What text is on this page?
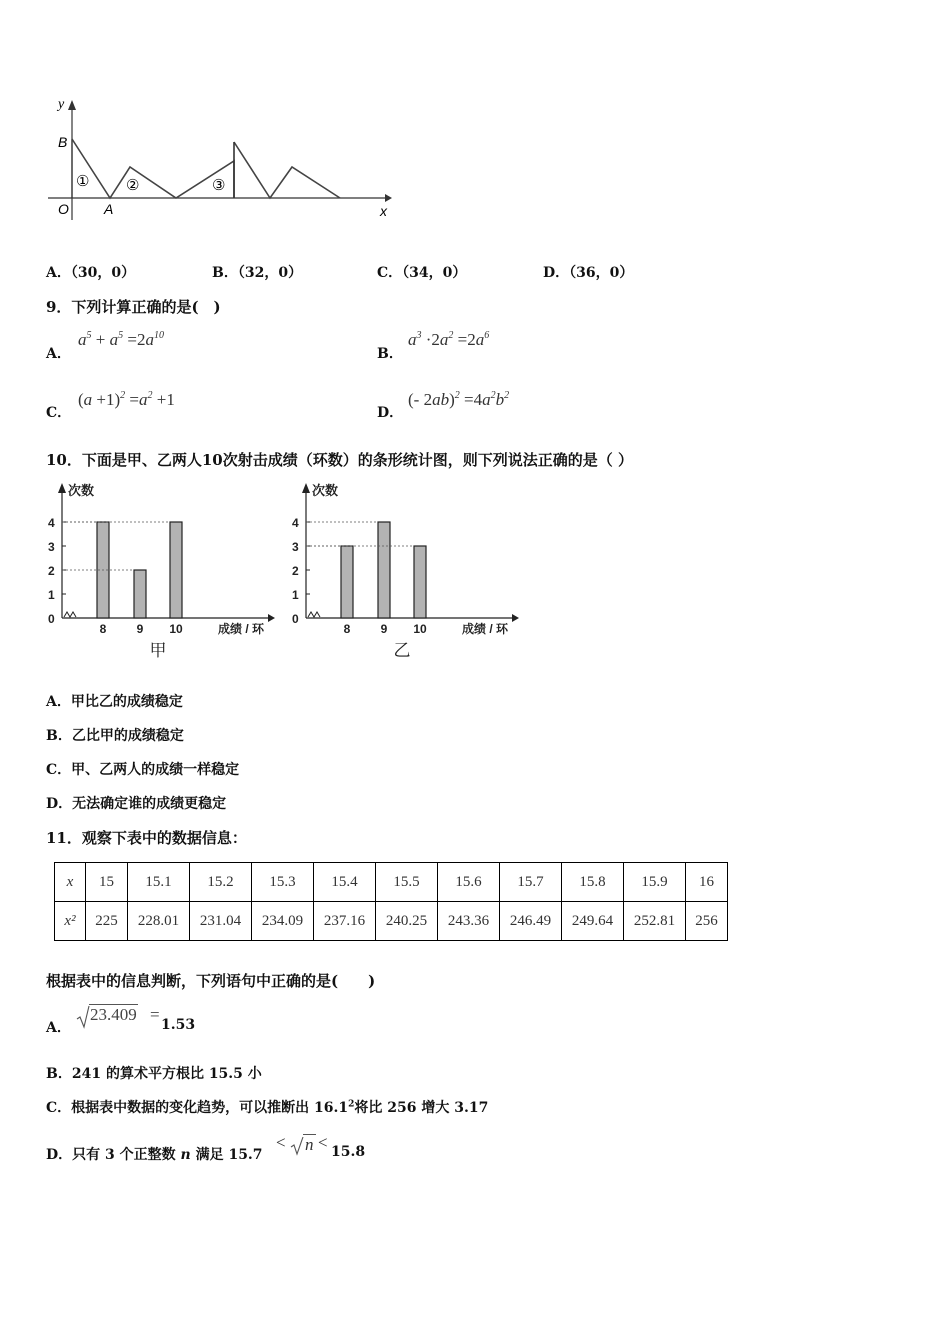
y
x
O
B
A
① ②	③
A．（30，0）	B．（32，0）	C．（34，0）	D．（36，0）
9．下列计算正确的是(　)
A．
$a^5 + a^5 =2a^{10}$
B．
$a^3 \cdot 2a^2 =2a^6$
C．
$(a +1)^2 =a^2 +1$
D．
(- $2ab)^2 =4a^2b^2$
10．下面是甲、乙两人10次射击成绩（环数）的条形统计图，则下列说法正确的是（ ）
0
1
2
3
4
次数
8	9 10	成绩 / 环
甲
0
1
2
3
4
次数
8	9 10	成绩 / 环
乙
A．甲比乙的成绩稳定
B．乙比甲的成绩稳定
C．甲、乙两人的成绩一样稳定
D．无法确定谁的成绩更稳定
11．观察下表中的数据信息：
x	15	15.1	15.2	15.3	15.4	15.5	15.6	15.7	15.8	15.9	16
x²	225	228.01	231.04	234.09	237.16	240.25	243.36	246.49	249.64	252.81	256
根据表中的信息判断，下列语句中正确的是(　　)
A．
23.409 =
1.53
B．241 的算术平方根比 15.5 小
C．根据表中数据的变化趋势，可以推断出 16.1$^2$将比 256 增大 3.17
D．只有 3 个正整数 n 满足 15.7
< n < 15.8
